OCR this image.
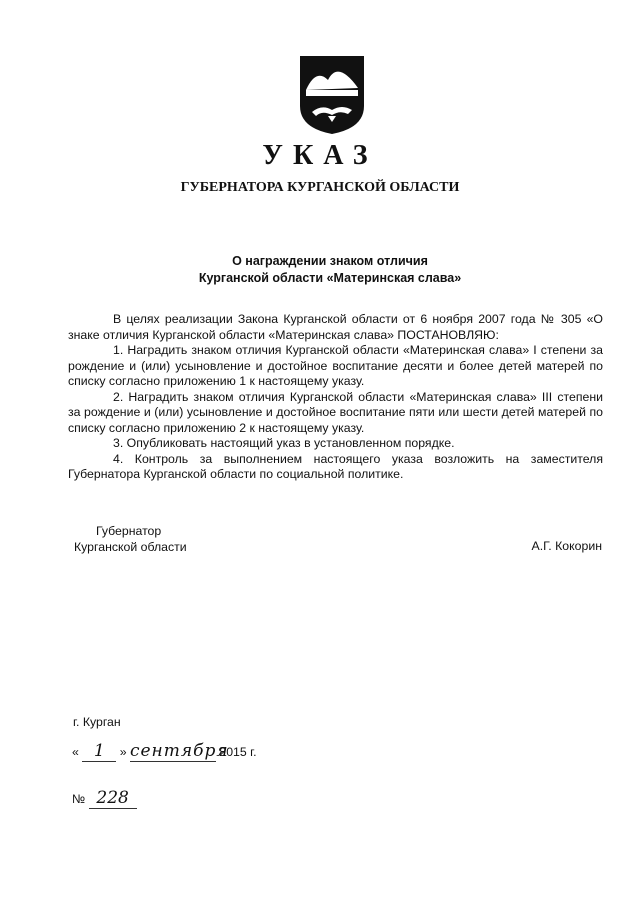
УКАЗ
ГУБЕРНАТОРА КУРГАНСКОЙ ОБЛАСТИ
О награждении знаком отличия
Курганской области «Материнская слава»

В целях реализации Закона Курганской области от 6 ноября 2007 года № 305 «О знаке отличия Курганской области «Материнская слава» ПОСТАНОВЛЯЮ:

1. Наградить знаком отличия Курганской области «Материнская слава» I степени за рождение и (или) усыновление и достойное воспитание десяти и более детей матерей по списку согласно приложению 1 к настоящему указу.

2. Наградить знаком отличия Курганской области «Материнская слава» III степени за рождение и (или) усыновление и достойное воспитание пяти или шести детей матерей по списку согласно приложению 2 к настоящему указу.

3. Опубликовать настоящий указ в установленном порядке.

4. Контроль за выполнением настоящего указа возложить на заместителя Губернатора Курганской области по социальной политике.

Губернатор
Курганской области	А.Г. Кокорин
г. Курган
« 1 » сентября 2015 г.
№ 228
